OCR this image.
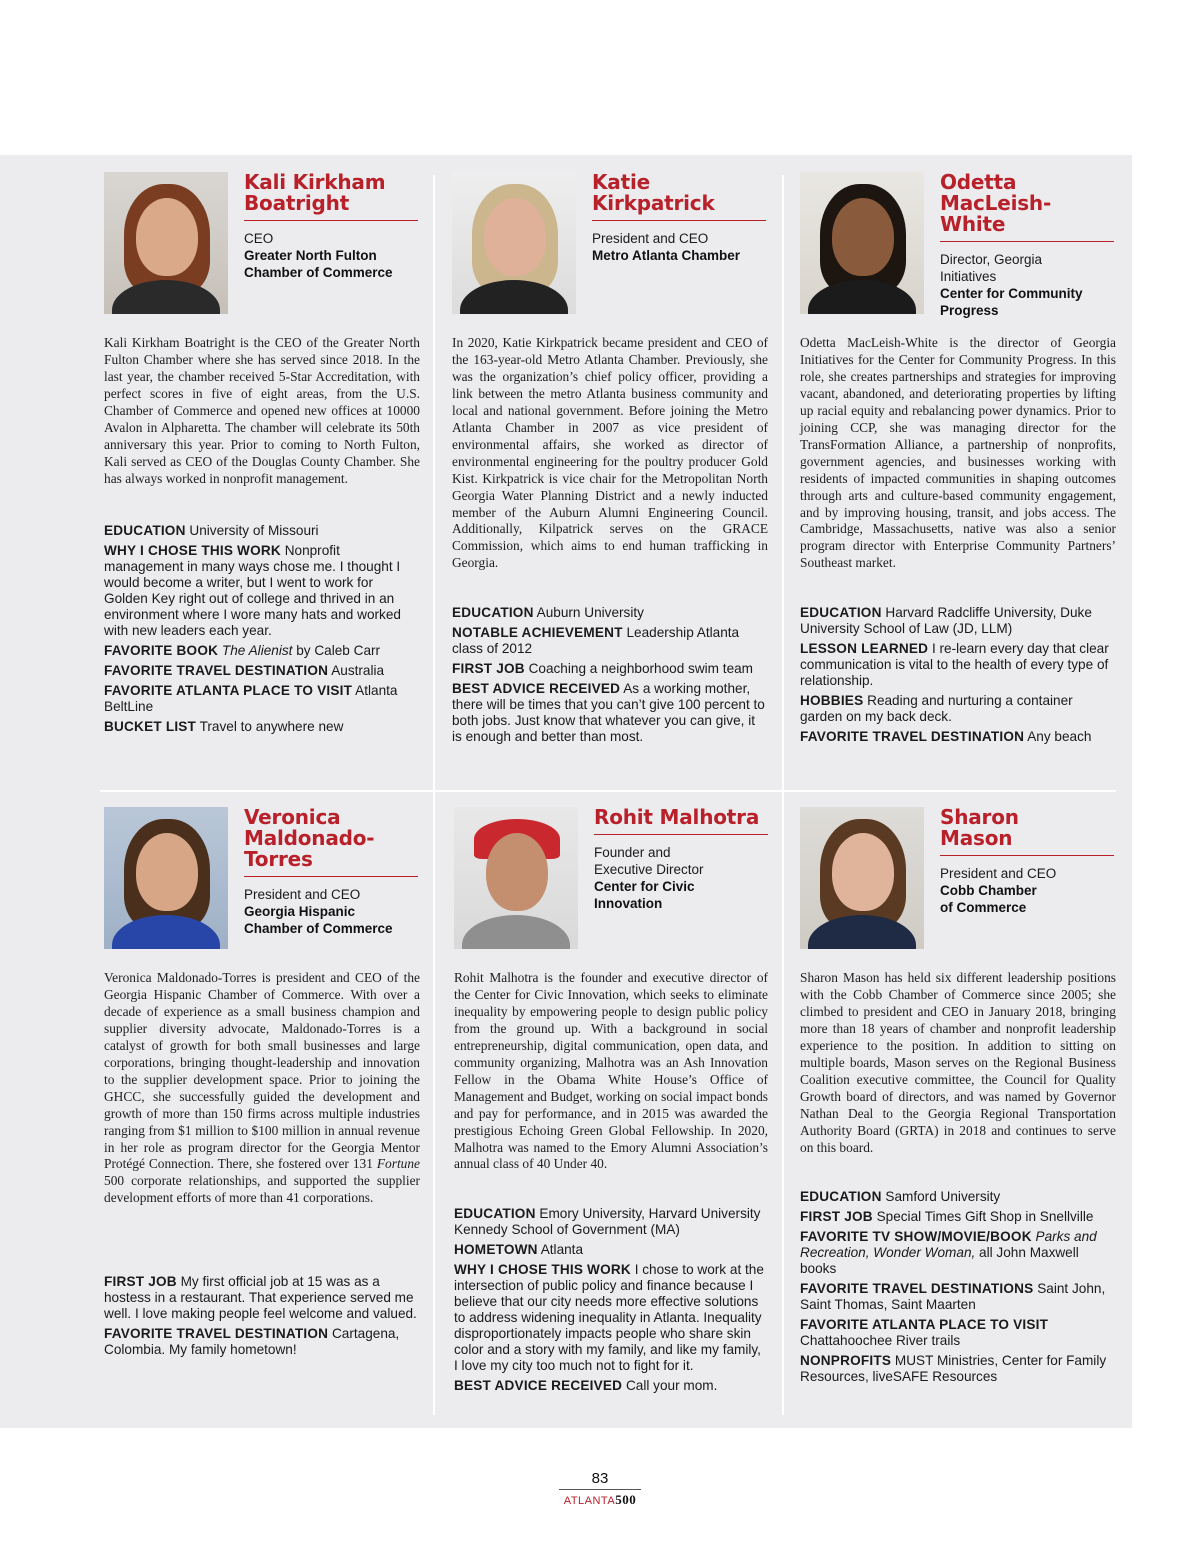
Kali Kirkham
Boatright
CEO
Greater North Fulton
Chamber of Commerce
Kali Kirkham Boatright is the CEO of the Greater North Fulton Chamber where she has served since 2018. In the last year, the chamber received 5-Star Accreditation, with perfect scores in five of eight areas, from the U.S. Chamber of Commerce and opened new offices at 10000 Avalon in Alpharetta. The chamber will celebrate its 50th anniversary this year. Prior to coming to North Fulton, Kali served as CEO of the Douglas County Chamber. She has always worked in nonprofit management.
EDUCATION University of Missouri
WHY I CHOSE THIS WORK Nonprofit management in many ways chose me. I thought I would become a writer, but I went to work for Golden Key right out of college and thrived in an environment where I wore many hats and worked with new leaders each year.
FAVORITE BOOK The Alienist by Caleb Carr
FAVORITE TRAVEL DESTINATION Australia
FAVORITE ATLANTA PLACE TO VISIT Atlanta BeltLine
BUCKET LIST Travel to anywhere new
Katie
Kirkpatrick
President and CEO
Metro Atlanta Chamber
In 2020, Katie Kirkpatrick became president and CEO of the 163-year-old Metro Atlanta Chamber. Previously, she was the organization’s chief policy officer, providing a link between the metro Atlanta business community and local and national government. Before joining the Metro Atlanta Chamber in 2007 as vice president of environmental affairs, she worked as director of environmental engineering for the poultry producer Gold Kist. Kirkpatrick is vice chair for the Metropolitan North Georgia Water Planning District and a newly inducted member of the Auburn Alumni Engineering Council. Additionally, Kilpatrick serves on the GRACE Commission, which aims to end human trafficking in Georgia.
EDUCATION Auburn University
NOTABLE ACHIEVEMENT Leadership Atlanta class of 2012
FIRST JOB Coaching a neighborhood swim team
BEST ADVICE RECEIVED As a working mother, there will be times that you can’t give 100 percent to both jobs. Just know that whatever you can give, it is enough and better than most.
Odetta
MacLeish-
White
Director, Georgia
Initiatives
Center for Community
Progress
Odetta MacLeish-White is the director of Georgia Initiatives for the Center for Community Progress. In this role, she creates partnerships and strategies for improving vacant, abandoned, and deteriorating properties by lifting up racial equity and rebalancing power dynamics. Prior to joining CCP, she was managing director for the TransFormation Alliance, a partnership of nonprofits, government agencies, and businesses working with residents of impacted communities in shaping outcomes through arts and culture-based community engagement, and by improving housing, transit, and jobs access. The Cambridge, Massachusetts, native was also a senior program director with Enterprise Community Partners’ Southeast market.
EDUCATION Harvard Radcliffe University, Duke University School of Law (JD, LLM)
LESSON LEARNED I re-learn every day that clear communication is vital to the health of every type of relationship.
HOBBIES Reading and nurturing a container garden on my back deck.
FAVORITE TRAVEL DESTINATION Any beach
Veronica
Maldonado-
Torres
President and CEO
Georgia Hispanic
Chamber of Commerce
Veronica Maldonado-Torres is president and CEO of the Georgia Hispanic Chamber of Commerce. With over a decade of experience as a small business champion and supplier diversity advocate, Maldonado-Torres is a catalyst of growth for both small businesses and large corporations, bringing thought-leadership and innovation to the supplier development space. Prior to joining the GHCC, she successfully guided the development and growth of more than 150 firms across multiple industries ranging from $1 million to $100 million in annual revenue in her role as program director for the Georgia Mentor Protégé Connection. There, she fostered over 131 Fortune 500 corporate relationships, and supported the supplier development efforts of more than 41 corporations.
FIRST JOB My first official job at 15 was as a hostess in a restaurant. That experience served me well. I love making people feel welcome and valued.
FAVORITE TRAVEL DESTINATION Cartagena, Colombia. My family hometown!
Rohit Malhotra
Founder and
Executive Director
Center for Civic
Innovation
Rohit Malhotra is the founder and executive director of the Center for Civic Innovation, which seeks to eliminate inequality by empowering people to design public policy from the ground up. With a background in social entrepreneurship, digital communication, open data, and community organizing, Malhotra was an Ash Innovation Fellow in the Obama White House’s Office of Management and Budget, working on social impact bonds and pay for performance, and in 2015 was awarded the prestigious Echoing Green Global Fellowship. In 2020, Malhotra was named to the Emory Alumni Association’s annual class of 40 Under 40.
EDUCATION Emory University, Harvard University Kennedy School of Government (MA)
HOMETOWN Atlanta
WHY I CHOSE THIS WORK I chose to work at the intersection of public policy and finance because I believe that our city needs more effective solutions to address widening inequality in Atlanta. Inequality disproportionately impacts people who share skin color and a story with my family, and like my family, I love my city too much not to fight for it.
BEST ADVICE RECEIVED Call your mom.
Sharon
Mason
President and CEO
Cobb Chamber
of Commerce
Sharon Mason has held six different leadership positions with the Cobb Chamber of Commerce since 2005; she climbed to president and CEO in January 2018, bringing more than 18 years of chamber and nonprofit leadership experience to the position. In addition to sitting on multiple boards, Mason serves on the Regional Business Coalition executive committee, the Council for Quality Growth board of directors, and was named by Governor Nathan Deal to the Georgia Regional Transportation Authority Board (GRTA) in 2018 and continues to serve on this board.
EDUCATION Samford University
FIRST JOB Special Times Gift Shop in Snellville
FAVORITE TV SHOW/MOVIE/BOOK Parks and Recreation, Wonder Woman, all John Maxwell books
FAVORITE TRAVEL DESTINATIONS Saint John, Saint Thomas, Saint Maarten
FAVORITE ATLANTA PLACE TO VISIT Chattahoochee River trails
NONPROFITS MUST Ministries, Center for Family Resources, liveSAFE Resources
83
ATLANTA500
